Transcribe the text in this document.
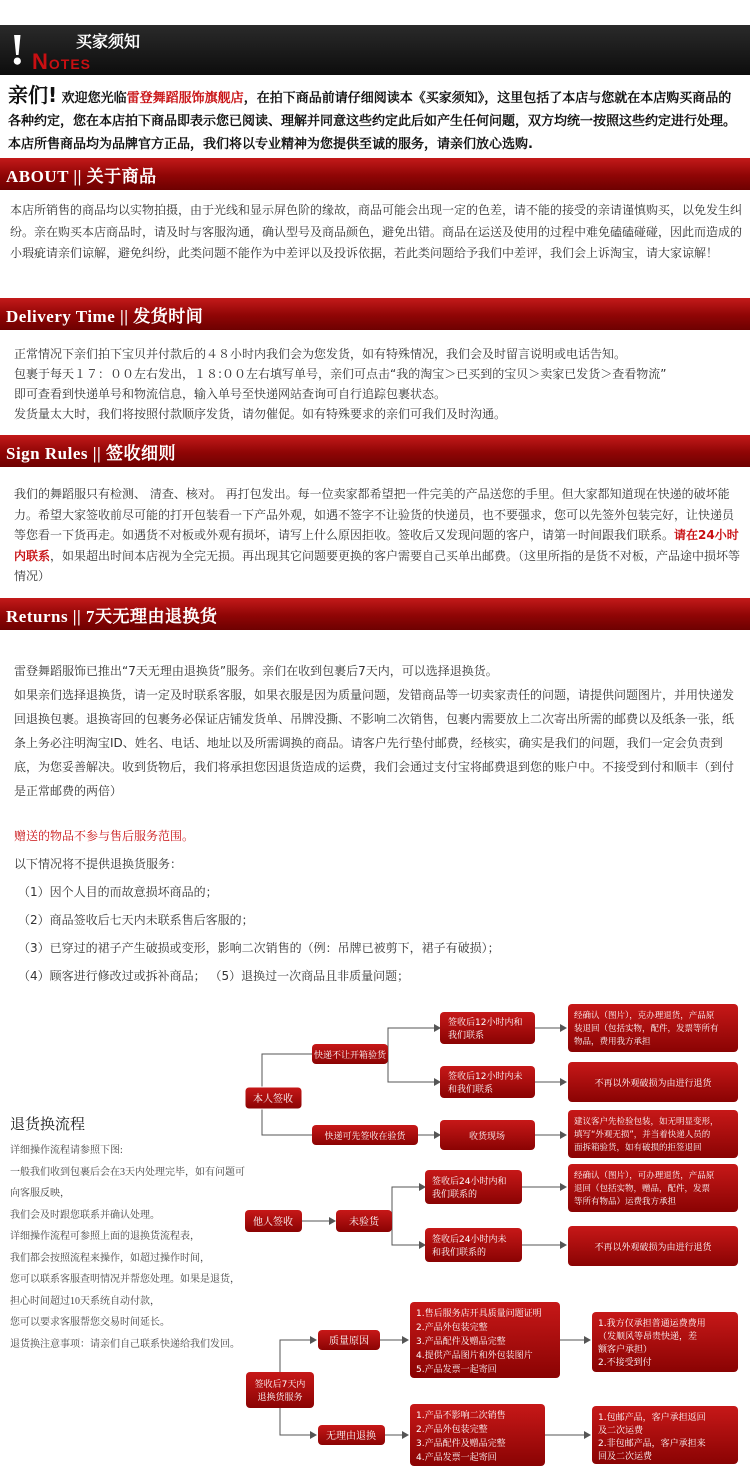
!	买家须知
NOTES
亲们! 欢迎您光临雷登舞蹈服饰旗舰店，在拍下商品前请仔细阅读本《买家须知》，这里包括了本店与您就在本店购买商品的各种约定，您在本店拍下商品即表示您已阅读、理解并同意这些约定此后如产生任何问题，双方均统一按照这些约定进行处理。本店所售商品均为品牌官方正品，我们将以专业精神为您提供至诚的服务，请亲们放心选购.
ABOUT || 关于商品
本店所销售的商品均以实物拍摄，由于光线和显示屏色阶的缘故，商品可能会出现一定的色差，请不能的接受的亲请谨慎购买，以免发生纠纷。亲在购买本店商品时，请及时与客服沟通，确认型号及商品颜色，避免出错。商品在运送及使用的过程中难免磕磕碰碰，因此而造成的小瑕疵请亲们谅解，避免纠纷，此类问题不能作为中差评以及投诉依据，若此类问题给予我们中差评，我们会上诉淘宝，请大家谅解！
Delivery Time || 发货时间
正常情况下亲们拍下宝贝并付款后的４８小时内我们会为您发货，如有特殊情况，我们会及时留言说明或电话告知。
包裹于每天１７：００左右发出，１８:００左右填写单号，亲们可点击“我的淘宝＞已买到的宝贝＞卖家已发货＞查看物流”
即可查看到快递单号和物流信息，输入单号至快递网站查询可自行追踪包裹状态。
发货量太大时，我们将按照付款顺序发货，请勿催促。如有特殊要求的亲们可我们及时沟通。
Sign Rules || 签收细则
我们的舞蹈服只有检测、 清查、核对。 再打包发出。每一位卖家都希望把一件完美的产品送您的手里。但大家都知道现在快递的破坏能力。希望大家签收前尽可能的打开包装看一下产品外观，如遇不签字不让验货的快递员，也不要强求，您可以先签外包装完好，让快递员等您看一下货再走。如遇货不对板或外观有损坏，请写上什么原因拒收。签收后又发现问题的客户，请第一时间跟我们联系。请在24小时内联系，如果超出时间本店视为全完无损。再出现其它问题要更换的客户需要自己买单出邮费。（这里所指的是货不对板，产品途中损坏等情况）
Returns || 7天无理由退换货
雷登舞蹈服饰已推出“7天无理由退换货”服务。亲们在收到包裹后7天内，可以选择退换货。
如果亲们选择退换货，请一定及时联系客服，如果衣服是因为质量问题，发错商品等一切卖家责任的问题，请提供问题图片，并用快递发回退换包裹。退换寄回的包裹务必保证店铺发货单、吊牌没撕、不影响二次销售，包裹内需要放上二次寄出所需的邮费以及纸条一张，纸条上务必注明淘宝ID、姓名、电话、地址以及所需调换的商品。请客户先行垫付邮费，经核实，确实是我们的问题，我们一定会负责到底，为您妥善解决。收到货物后，我们将承担您因退货造成的运费，我们会通过支付宝将邮费退到您的账户中。不接受到付和顺丰（到付是正常邮费的两倍）
赠送的物品不参与售后服务范围。
以下情况将不提供退换货服务：
（1）因个人目的而故意损坏商品的；
（2）商品签收后七天内未联系售后客服的；
（3）已穿过的裙子产生破损或变形，影响二次销售的（例：吊牌已被剪下，裙子有破损）；
（4）顾客进行修改过或拆补商品； （5）退换过一次商品且非质量问题；
退货换流程
详细操作流程请参照下图:
一般我们收到包裹后会在3天内处理完毕，如有问题可向客服反映，
我们会及时跟您联系并确认处理。
详细操作流程可参照上面的退换货流程表，
我们都会按照流程来操作，如超过操作时间，
您可以联系客服查明情况并帮您处理。如果是退货，
担心时间超过10天系统自动付款，
您可以要求客服帮您交易时间延长。
退货换注意事项：请亲们自己联系快递给我们发回。
本人签收
快递不让开箱验货
签收后12小时内和
我们联系
签收后12小时内未
和我们联系
经确认（图片），克办理退货，产品原
装退回（包括实物，配件，发票等所有
物品，费用我方承担
不再以外观破损为由进行退货
快递可先签收在验货	收货现场
建议客户先检验包装，如无明显变形，
填写“外观无损”，并当着快递人员的
面拆箱验货，如有破损的拒签退回
他人签收	未验货
签收后24小时内和
我们联系的
签收后24小时内未
和我们联系的
经确认（图片），可办理退货，产品原
退回（包括实物，赠品，配件，发票
等所有物品）运费我方承担
不再以外观破损为由进行退货
签收后7天内
退换货服务
质量原因
1.售后服务店开具质量问题证明
2.产品外包装完整
3.产品配件及赠品完整
4.提供产品图片和外包装图片
5.产品发票一起寄回
1.我方仅承担普通运费费用
（发顺风等昂贵快递，差
额客户承担）
2.不接受到付
无理由退换
1.产品不影响二次销售
2.产品外包装完整
3.产品配件及赠品完整
4.产品发票一起寄回
1.包邮产品，客户承担返回
及二次运费
2.非包邮产品，客户承担来
回及二次运费
